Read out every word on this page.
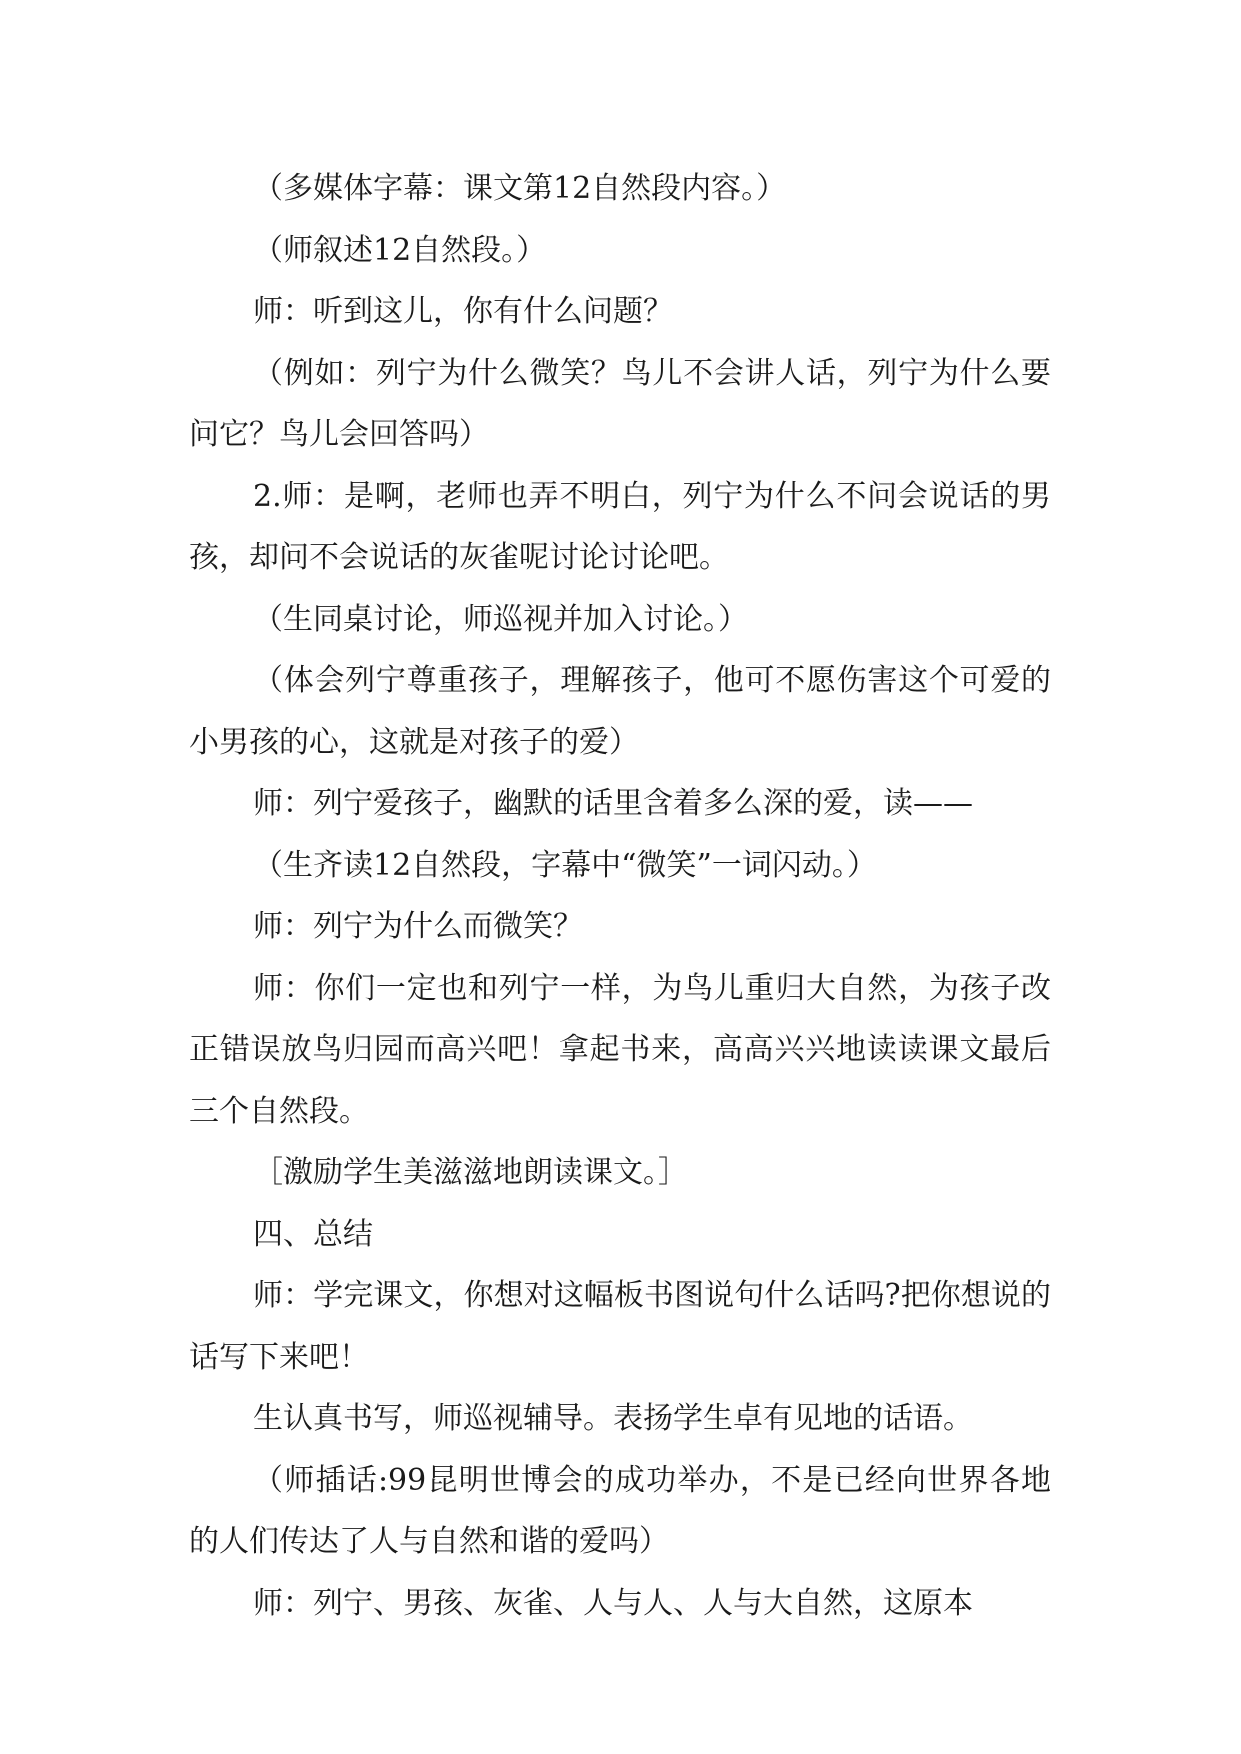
（多媒体字幕：课文第12自然段内容。）

（师叙述12自然段。）

师：听到这儿，你有什么问题？

（例如：列宁为什么微笑？鸟儿不会讲人话，列宁为什么要问它？鸟儿会回答吗）

2.师：是啊，老师也弄不明白，列宁为什么不问会说话的男孩，却问不会说话的灰雀呢讨论讨论吧。

（生同桌讨论，师巡视并加入讨论。）

（体会列宁尊重孩子，理解孩子，他可不愿伤害这个可爱的小男孩的心，这就是对孩子的爱）

师：列宁爱孩子，幽默的话里含着多么深的爱，读——

（生齐读12自然段，字幕中“微笑”一词闪动。）

师：列宁为什么而微笑？

师：你们一定也和列宁一样，为鸟儿重归大自然，为孩子改正错误放鸟归园而高兴吧！拿起书来，高高兴兴地读读课文最后三个自然段。

［激励学生美滋滋地朗读课文。］

四、总结

师：学完课文，你想对这幅板书图说句什么话吗?把你想说的话写下来吧！

生认真书写，师巡视辅导。表扬学生卓有见地的话语。

（师插话:99昆明世博会的成功举办，不是已经向世界各地的人们传达了人与自然和谐的爱吗）

师：列宁、男孩、灰雀、人与人、人与大自然，这原本
